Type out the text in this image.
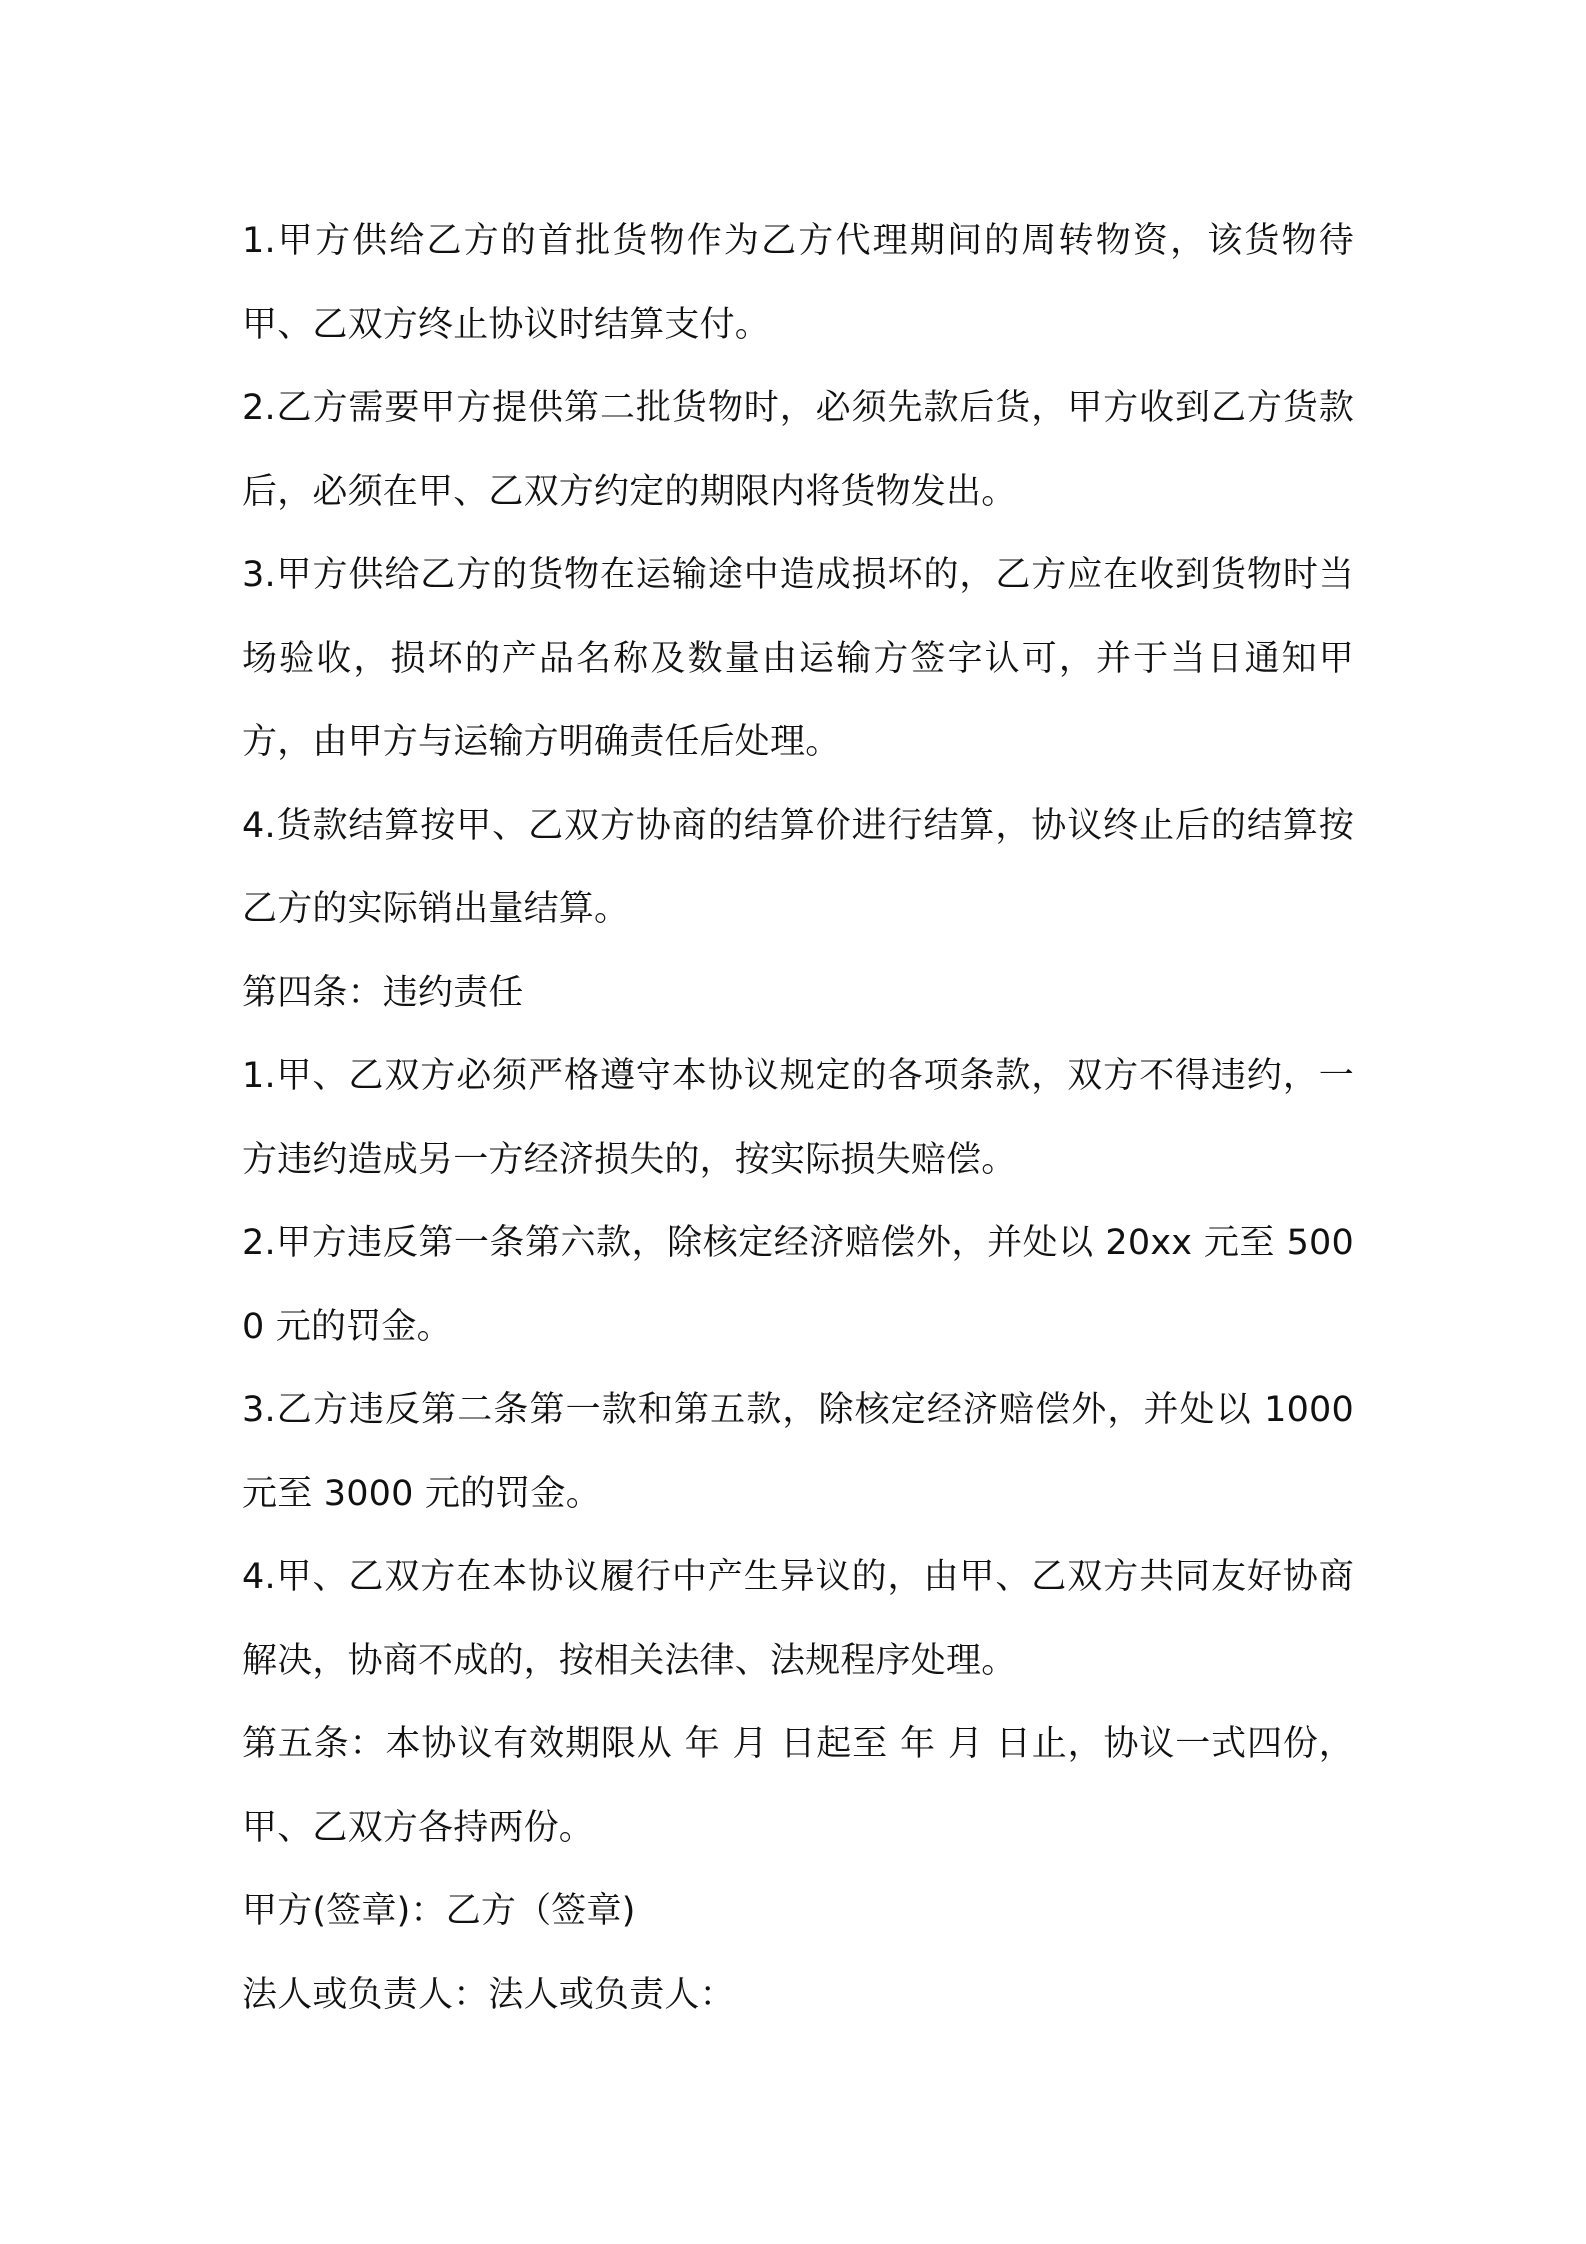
1.甲方供给乙方的首批货物作为乙方代理期间的周转物资，该货物待甲、乙双方终止协议时结算支付。

2.乙方需要甲方提供第二批货物时，必须先款后货，甲方收到乙方货款后，必须在甲、乙双方约定的期限内将货物发出。

3.甲方供给乙方的货物在运输途中造成损坏的，乙方应在收到货物时当场验收，损坏的产品名称及数量由运输方签字认可，并于当日通知甲方，由甲方与运输方明确责任后处理。

4.货款结算按甲、乙双方协商的结算价进行结算，协议终止后的结算按乙方的实际销出量结算。

第四条：违约责任

1.甲、乙双方必须严格遵守本协议规定的各项条款，双方不得违约，一方违约造成另一方经济损失的，按实际损失赔偿。

2.甲方违反第一条第六款，除核定经济赔偿外，并处以 20xx 元至 5000 元的罚金。

3.乙方违反第二条第一款和第五款，除核定经济赔偿外，并处以 1000 元至 3000 元的罚金。

4.甲、乙双方在本协议履行中产生异议的，由甲、乙双方共同友好协商解决，协商不成的，按相关法律、法规程序处理。

第五条：本协议有效期限从 年 月 日起至 年 月 日止，协议一式四份，甲、乙双方各持两份。

甲方(签章)：乙方（签章)

法人或负责人：法人或负责人：
